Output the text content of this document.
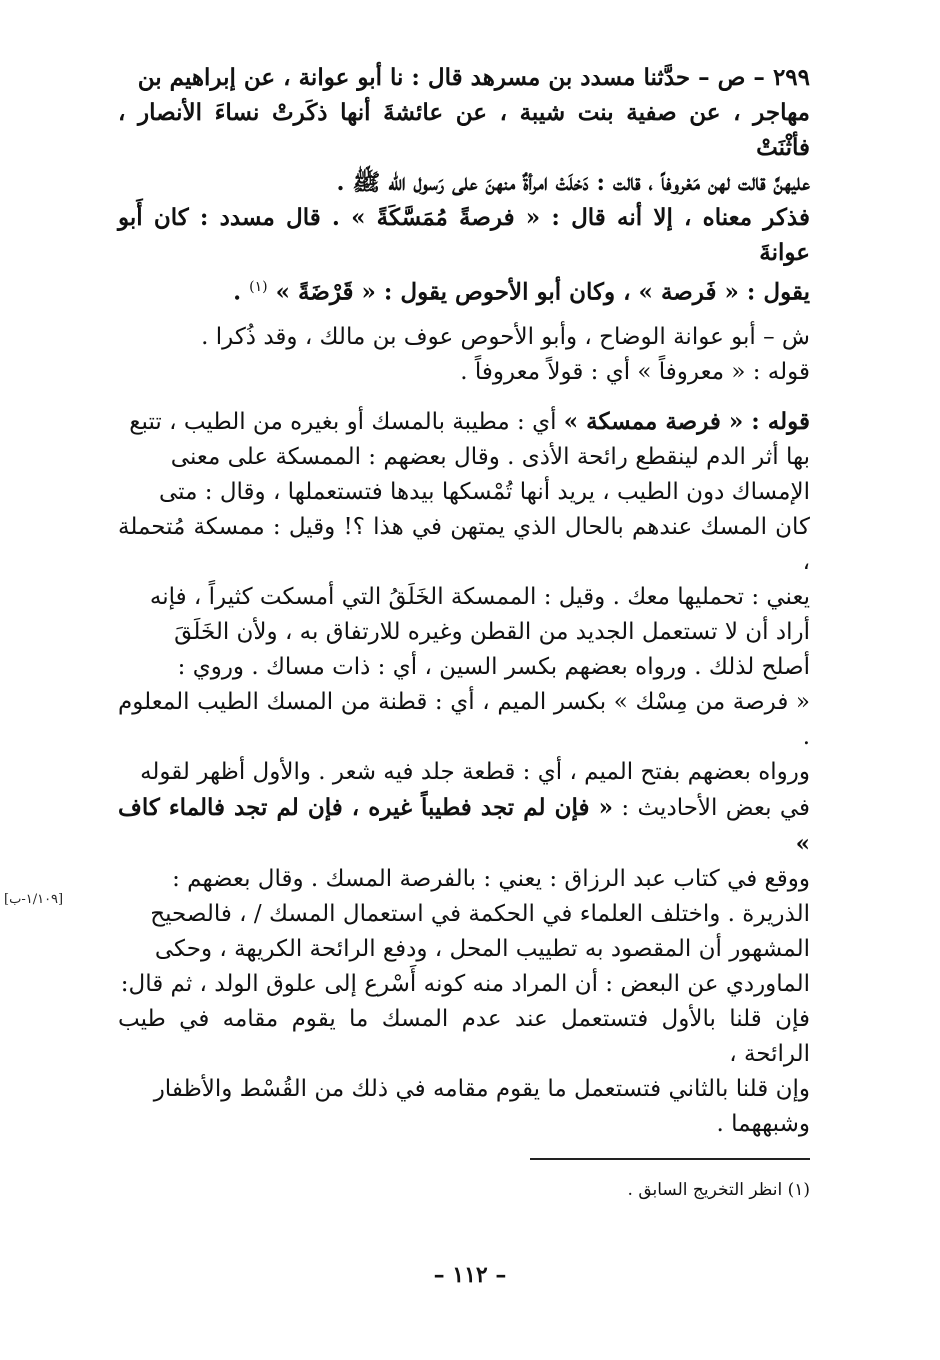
٢٩٩ – ص – حدَّثنا مسدد بن مسرهد قال : نا أبو عوانة ، عن إبراهيم بن

مهاجر ، عن صفية بنت شيبة ، عن عائشةَ أنها ذكَرتْ نساءَ الأنصار ، فأثْنَتْ

عليهنَّ قالت لهن مَعْروفاً ، قالت : دَخلَتْ امرأةٌ منهنَ على رَسول الله ﷺ .

فذكر معناه ، إلا أنه قال : « فرصةً مُمَسَّكَةً » . قال مسدد : كان أَبو عوانةَ

يقول : « فَرصة » ، وكان أبو الأحوص يقول : « قَرْضَةً » $^{(١)}$ .

ش – أبو عوانة الوضاح ، وأبو الأحوص عوف بن مالك ، وقد ذُكرا .

قوله : « معروفاً » أي : قولاً معروفاً .

قوله : « فرصة ممسكة » أي : مطيبة بالمسك أو بغيره من الطيب ، تتبع

بها أثر الدم لينقطع رائحة الأذى . وقال بعضهم : الممسكة على معنى

الإمساك دون الطيب ، يريد أنها تُمْسكها بيدها فتستعملها ، وقال : متى

كان المسك عندهم بالحال الذي يمتهن في هذا ؟! وقيل : ممسكة مُتحملة ،

يعني : تحمليها معك . وقيل : الممسكة الخَلَقُ التي أمسكت كثيراً ، فإنه

أراد أن لا تستعمل الجديد من القطن وغيره للارتفاق به ، ولأن الخَلَقَ

أصلح لذلك . ورواه بعضهم بكسر السين ، أي : ذات مساك . وروي :

« فرصة من مِسْك » بكسر الميم ، أي : قطنة من المسك الطيب المعلوم .

ورواه بعضهم بفتح الميم ، أي : قطعة جلد فيه شعر . والأول أظهر لقوله

في بعض الأحاديث : « فإن لم تجد فطيباً غيره ، فإن لم تجد فالماء كاف »

ووقع في كتاب عبد الرزاق : يعني : بالفرصة المسك . وقال بعضهم :

الذريرة . واختلف العلماء في الحكمة في استعمال المسك / ، فالصحيح

المشهور أن المقصود به تطييب المحل ، ودفع الرائحة الكريهة ، وحكى

الماوردي عن البعض : أن المراد منه كونه أَسْرع إلى علوق الولد ، ثم قال:

فإن قلنا بالأول فتستعمل عند عدم المسك ما يقوم مقامه في طيب الرائحة ،

وإن قلنا بالثاني فتستعمل ما يقوم مقامه في ذلك من القُسْط والأظفار

وشبههما .

[١/١٠٩-ب]
(١) انظر التخريج السابق .
– ١١٢ –
